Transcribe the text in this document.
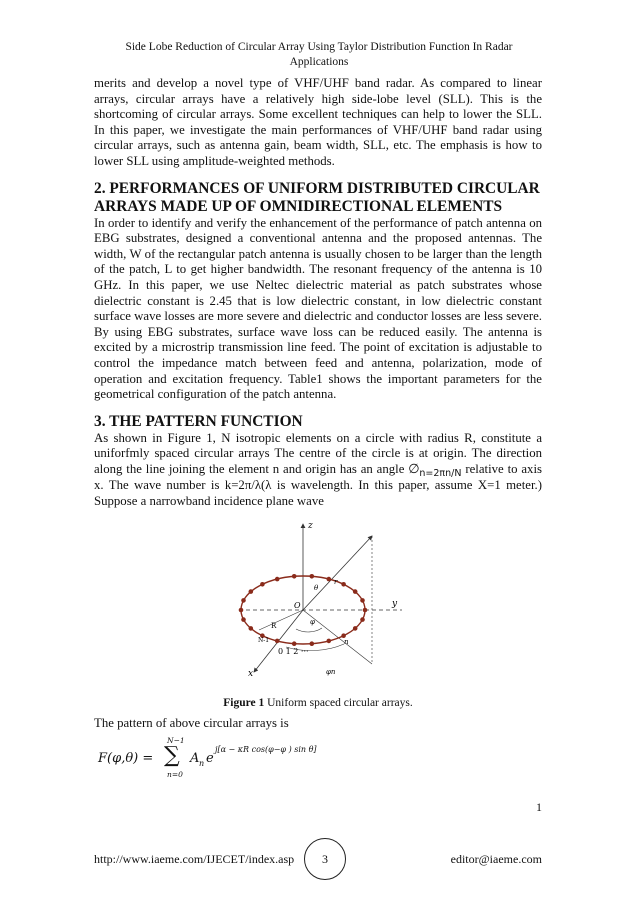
Side Lobe Reduction of Circular Array Using Taylor Distribution Function In Radar
Applications

merits and develop a novel type of VHF/UHF band radar. As compared to linear arrays, circular arrays have a relatively high side-lobe level (SLL). This is the shortcoming of circular arrays. Some excellent techniques can help to lower the SLL. In this paper, we investigate the main performances of VHF/UHF band radar using circular arrays, such as antenna gain, beam width, SLL, etc. The emphasis is how to lower SLL using amplitude-weighted methods.

2. PERFORMANCES OF UNIFORM DISTRIBUTED CIRCULAR ARRAYS MADE UP OF OMNIDIRECTIONAL ELEMENTS

In order to identify and verify the enhancement of the performance of patch antenna on EBG substrates, designed a conventional antenna and the proposed antennas. The width, W of the rectangular patch antenna is usually chosen to be larger than the length of the patch, L to get higher bandwidth. The resonant frequency of the antenna is 10 GHz. In this paper, we use Neltec dielectric material as patch substrates whose dielectric constant is 2.45 that is low dielectric constant, in low dielectric constant surface wave losses are more severe and dielectric and conductor losses are less severe. By using EBG substrates, surface wave loss can be reduced easily. The antenna is excited by a microstrip transmission line feed. The point of excitation is adjustable to control the impedance match between feed and antenna, polarization, mode of operation and excitation frequency. Table1 shows the important parameters for the geometrical configuration of the patch antenna.

3. THE PATTERN FUNCTION

As shown in Figure 1, N isotropic elements on a circle with radius R, constitute a uniforfmly spaced circular arrays The centre of the circle is at origin. The direction along the line joining the element n and origin has an angle $\emptyset_{n=2\pi n/N}$ relative to axis x. The wave number is k=2π/λ(λ is wavelength. In this paper, assume Χ=1 meter.) Suppose a narrowband incidence plane wave

z
y
x
θ
r
O
R	φ
N-1
0 1 2 ···
φn
n
Figure 1 Uniform spaced circular arrays.

The pattern of above circular arrays is

F(φ,θ) =
N−1
∑
n=0
A n e
j[α − κR cos(φ−φ ) sin θ]
1
http://www.iaeme.com/IJECET/index.asp	3	editor@iaeme.com
